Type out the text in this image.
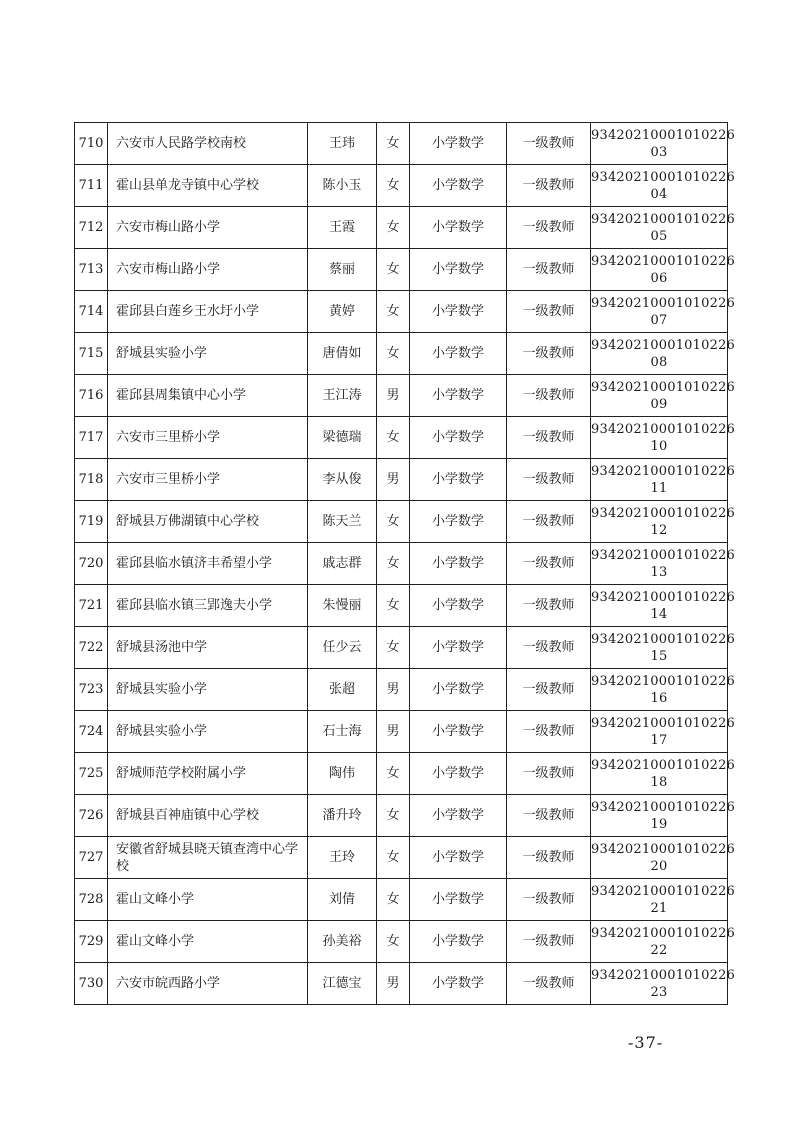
710	六安市人民路学校南校	王玮	女	小学数学	一级教师	93420210001010226
03

711	霍山县单龙寺镇中心学校	陈小玉	女	小学数学	一级教师	93420210001010226
04

712	六安市梅山路小学	王霞	女	小学数学	一级教师	93420210001010226
05

713	六安市梅山路小学	蔡丽	女	小学数学	一级教师	93420210001010226
06

714	霍邱县白莲乡王水圩小学	黄婷	女	小学数学	一级教师	93420210001010226
07

715	舒城县实验小学	唐倩如	女	小学数学	一级教师	93420210001010226
08

716	霍邱县周集镇中心小学	王江涛	男	小学数学	一级教师	93420210001010226
09

717	六安市三里桥小学	梁德瑞	女	小学数学	一级教师	93420210001010226
10

718	六安市三里桥小学	李从俊	男	小学数学	一级教师	93420210001010226
11

719	舒城县万佛湖镇中心学校	陈天兰	女	小学数学	一级教师	93420210001010226
12

720	霍邱县临水镇济丰希望小学	戚志群	女	小学数学	一级教师	93420210001010226
13

721	霍邱县临水镇三郢逸夫小学	朱慢丽	女	小学数学	一级教师	93420210001010226
14

722	舒城县汤池中学	任少云	女	小学数学	一级教师	93420210001010226
15

723	舒城县实验小学	张超	男	小学数学	一级教师	93420210001010226
16

724	舒城县实验小学	石士海	男	小学数学	一级教师	93420210001010226
17

725	舒城师范学校附属小学	陶伟	女	小学数学	一级教师	93420210001010226
18

726	舒城县百神庙镇中心学校	潘升玲	女	小学数学	一级教师	93420210001010226
19

727	安徽省舒城县晓天镇查湾中心学校	王玲	女	小学数学	一级教师	93420210001010226
20

728	霍山文峰小学	刘倩	女	小学数学	一级教师	93420210001010226
21

729	霍山文峰小学	孙美裕	女	小学数学	一级教师	93420210001010226
22

730	六安市皖西路小学	江德宝	男	小学数学	一级教师	93420210001010226
23
-37-
